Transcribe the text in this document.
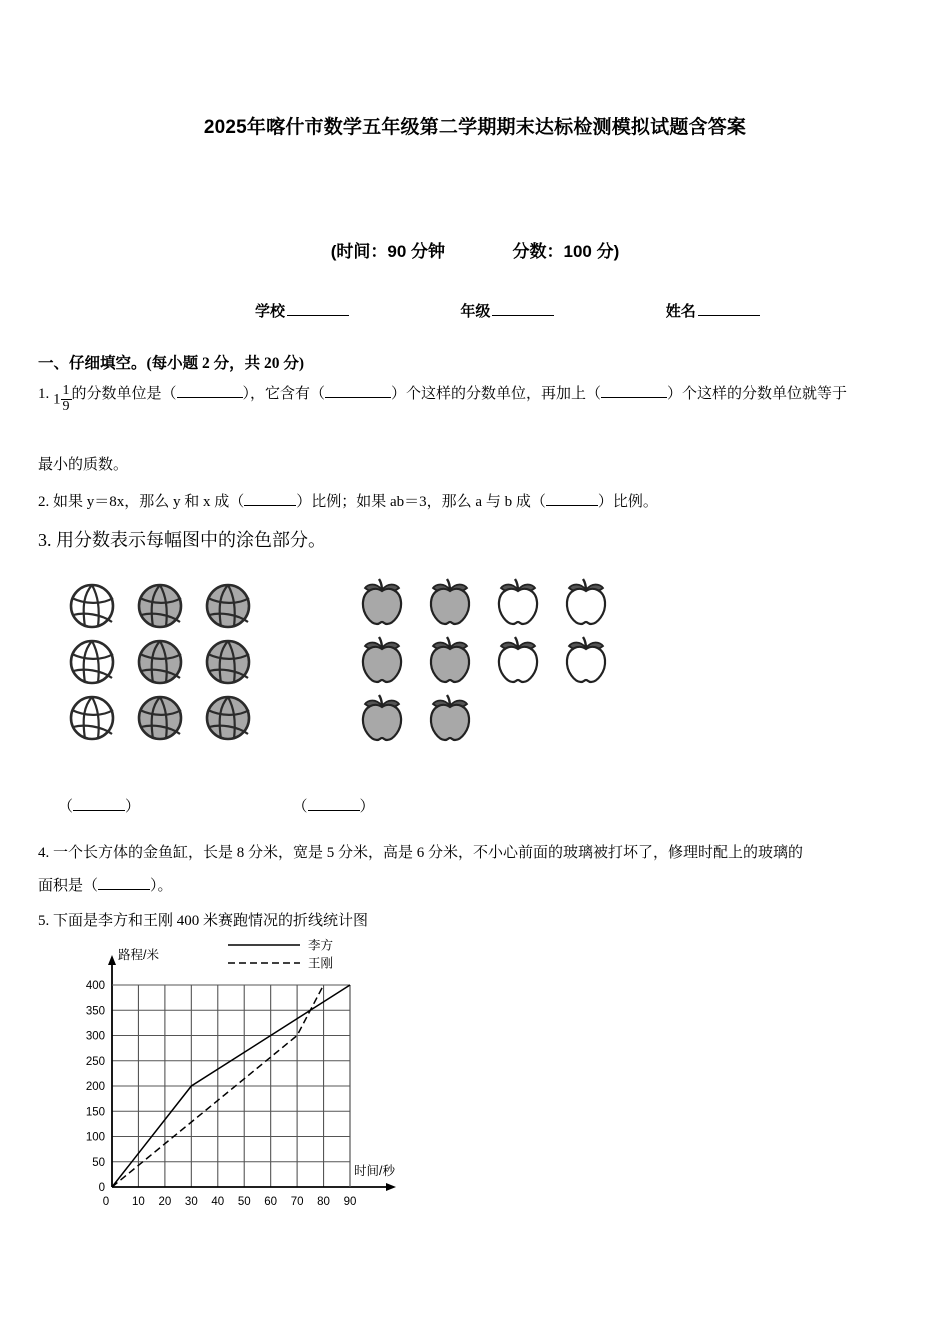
2025年喀什市数学五年级第二学期期末达标检测模拟试题含答案
(时间：90 分钟	分数：100 分)
学校	年级	姓名
一、仔细填空。(每小题 2 分，共 20 分)
1. $1 \frac{1}{9}$ 的分数单位是（	），它含有（	）个这样的分数单位，再加上（	）个这样的分数单位就等于
最小的质数。
2. 如果 y＝8x，那么 y 和 x 成（	）比例；如果 ab＝3，那么 a 与 b 成（	）比例。
3. 用分数表示每幅图中的涂色部分。
（	）	（	）
4. 一个长方体的金鱼缸，长是 8 分米，宽是 5 分米，高是 6 分米，不小心前面的玻璃被打坏了，修理时配上的玻璃的
面积是（	）。
5. 下面是李方和王刚 400 米赛跑情况的折线统计图
0
50
100
150
200
250
300
350
400
0 10 20 30 40 50 60 70 80 90
李方
王刚
路程/米
时间/秒
